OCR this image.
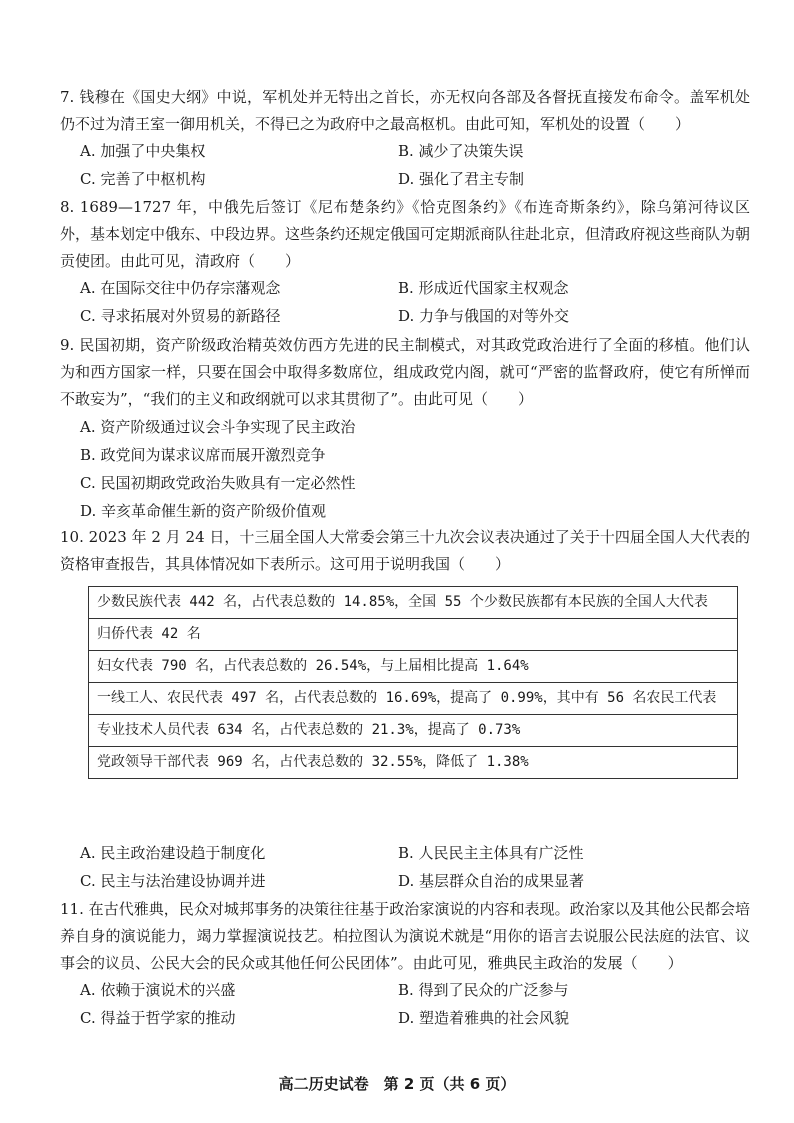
7. 钱穆在《国史大纲》中说，军机处并无特出之首长，亦无权向各部及各督抚直接发布命令。盖军机处仍不过为清王室一御用机关，不得已之为政府中之最高枢机。由此可知，军机处的设置（　　）
A. 加强了中央集权	B. 减少了决策失误
C. 完善了中枢机构	D. 强化了君主专制
8. 1689—1727 年，中俄先后签订《尼布楚条约》《恰克图条约》《布连奇斯条约》，除乌第河待议区外，基本划定中俄东、中段边界。这些条约还规定俄国可定期派商队往赴北京，但清政府视这些商队为朝贡使团。由此可见，清政府（　　）
A. 在国际交往中仍存宗藩观念	B. 形成近代国家主权观念
C. 寻求拓展对外贸易的新路径	D. 力争与俄国的对等外交
9. 民国初期，资产阶级政治精英效仿西方先进的民主制模式，对其政党政治进行了全面的移植。他们认为和西方国家一样，只要在国会中取得多数席位，组成政党内阁，就可“严密的监督政府，使它有所惮而不敢妄为”，“我们的主义和政纲就可以求其贯彻了”。由此可见（　　）
A. 资产阶级通过议会斗争实现了民主政治
B. 政党间为谋求议席而展开激烈竞争
C. 民国初期政党政治失败具有一定必然性
D. 辛亥革命催生新的资产阶级价值观
10. 2023 年 2 月 24 日，十三届全国人大常委会第三十九次会议表决通过了关于十四届全国人大代表的资格审查报告，其具体情况如下表所示。这可用于说明我国（　　）
少数民族代表 442 名，占代表总数的 14.85%，全国 55 个少数民族都有本民族的全国人大代表
归侨代表 42 名
妇女代表 790 名，占代表总数的 26.54%，与上届相比提高 1.64%
一线工人、农民代表 497 名，占代表总数的 16.69%，提高了 0.99%，其中有 56 名农民工代表
专业技术人员代表 634 名，占代表总数的 21.3%，提高了 0.73%
党政领导干部代表 969 名，占代表总数的 32.55%，降低了 1.38%
A. 民主政治建设趋于制度化	B. 人民民主主体具有广泛性
C. 民主与法治建设协调并进	D. 基层群众自治的成果显著
11. 在古代雅典，民众对城邦事务的决策往往基于政治家演说的内容和表现。政治家以及其他公民都会培养自身的演说能力，竭力掌握演说技艺。柏拉图认为演说术就是“用你的语言去说服公民法庭的法官、议事会的议员、公民大会的民众或其他任何公民团体”。由此可见，雅典民主政治的发展（　　）
A. 依赖于演说术的兴盛	B. 得到了民众的广泛参与
C. 得益于哲学家的推动	D. 塑造着雅典的社会风貌
高二历史试卷　第 2 页（共 6 页）
